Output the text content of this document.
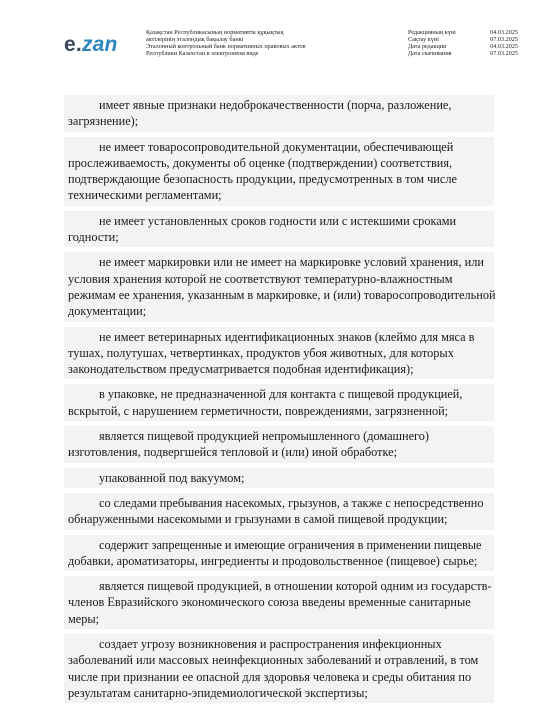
e.zan
Қазақстан Республикасының нормативтік құқықтық
актілерінің эталондық бақылау банкі
Эталонный контрольный банк нормативных правовых актов
Республики Казахстан в электронном виде
Редакцияның күні	04.03.2025
Сақтау күні	07.03.2025
Дата редакции	04.03.2025
Дата скачивания	07.03.2025
имеет явные признаки недоброкачественности (порча, разложение,
загрязнение);
не имеет товаросопроводительной документации, обеспечивающей
прослеживаемость, документы об оценке (подтверждении) соответствия,
подтверждающие безопасность продукции, предусмотренных в том числе
техническими регламентами;
не имеет установленных сроков годности или с истекшими сроками
годности;
не имеет маркировки или не имеет на маркировке условий хранения, или
условия хранения которой не соответствуют температурно-влажностным
режимам ее хранения, указанным в маркировке, и (или) товаросопроводительной
документации;
не имеет ветеринарных идентификационных знаков (клеймо для мяса в
тушах, полутушах, четвертинках, продуктов убоя животных, для которых
законодательством предусматривается подобная идентификация);
в упаковке, не предназначенной для контакта с пищевой продукцией,
вскрытой, с нарушением герметичности, повреждениями, загрязненной;
является пищевой продукцией непромышленного (домашнего)
изготовления, подвергшейся тепловой и (или) иной обработке;
упакованной под вакуумом;
со следами пребывания насекомых, грызунов, а также с непосредственно
обнаруженными насекомыми и грызунами в самой пищевой продукции;
содержит запрещенные и имеющие ограничения в применении пищевые
добавки, ароматизаторы, ингредиенты и продовольственное (пищевое) сырье;
является пищевой продукцией, в отношении которой одним из государств-
членов Евразийского экономического союза введены временные санитарные
меры;
создает угрозу возникновения и распространения инфекционных
заболеваний или массовых неинфекционных заболеваний и отравлений, в том
числе при признании ее опасной для здоровья человека и среды обитания по
результатам санитарно-эпидемиологической экспертизы;
